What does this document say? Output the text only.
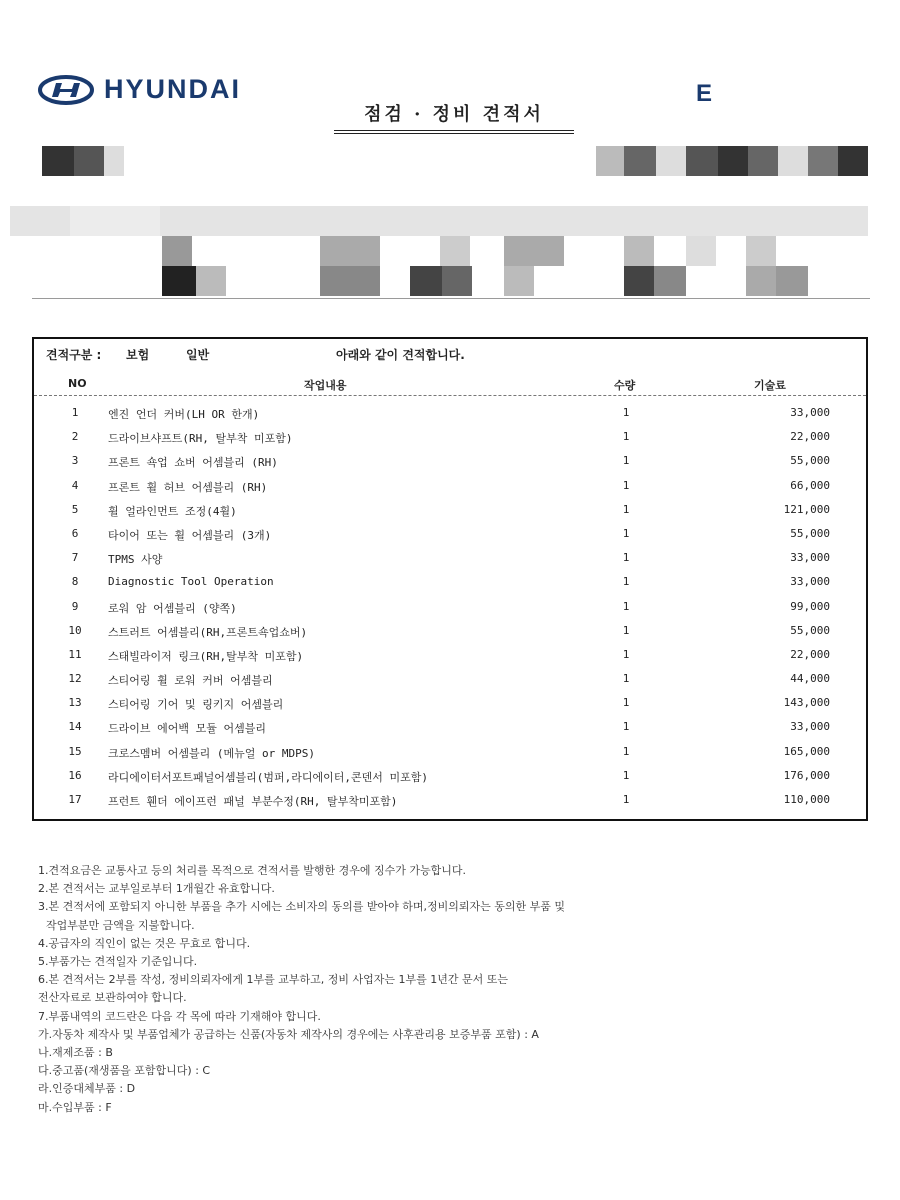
HYUNDAI	E
점검 · 정비 견적서
견적구분 :	보험	일반	아래와 같이 견적합니다.
NO	작업내용	수량	기술료
1	엔진 언더 커버(LH OR 한개)	1	33,000
2	드라이브샤프트(RH, 탈부착 미포함)	1	22,000
3	프론트 쇽업 쇼버 어셈블리 (RH)	1	55,000
4	프론트 휠 허브 어셈블리 (RH)	1	66,000
5	휠 얼라인먼트 조정(4휠)	1	121,000
6	타이어 또는 휠 어셈블리 (3개)	1	55,000
7	TPMS 사양	1	33,000
8	Diagnostic Tool Operation	1	33,000
9	로워 암 어셈블리 (양쪽)	1	99,000
10	스트러트 어셈블리(RH,프론트쇽업쇼버)	1	55,000
11	스태빌라이저 링크(RH,탈부착 미포함)	1	22,000
12	스티어링 휠 로워 커버 어셈블리	1	44,000
13	스티어링 기어 및 링키지 어셈블리	1	143,000
14	드라이브 에어백 모듈 어셈블리	1	33,000
15	크로스멤버 어셈블리 (메뉴얼 or MDPS)	1	165,000
16	라디에이터서포트패널어셈블리(범퍼,라디에이터,콘덴서 미포함)	1	176,000
17	프런트 휀더 에이프런 패널 부분수정(RH, 탈부착미포함)	1	110,000
1.견적요금은 교통사고 등의 처리를 목적으로 견적서를 발행한 경우에 징수가 가능합니다.
2.본 견적서는 교부일로부터 1개월간 유효합니다.
3.본 견적서에 포함되지 아니한 부품을 추가 시에는 소비자의 동의를 받아야 하며,정비의뢰자는 동의한 부품 및
작업부분만 금액을 지불합니다.
4.공급자의 직인이 없는 것은 무효로 합니다.
5.부품가는 견적일자 기준입니다.
6.본 견적서는 2부를 작성, 정비의뢰자에게 1부를 교부하고, 정비 사업자는 1부를 1년간 문서 또는
전산자료로 보관하여야 합니다.
7.부품내역의 코드란은 다음 각 목에 따라 기재해야 합니다.
가.자동차 제작사 및 부품업체가 공급하는 신품(자동차 제작사의 경우에는 사후관리용 보증부품 포함) : A
나.재제조품 : B
다.중고품(재생품을 포함합니다) : C
라.인증대체부품 : D
마.수입부품 : F
